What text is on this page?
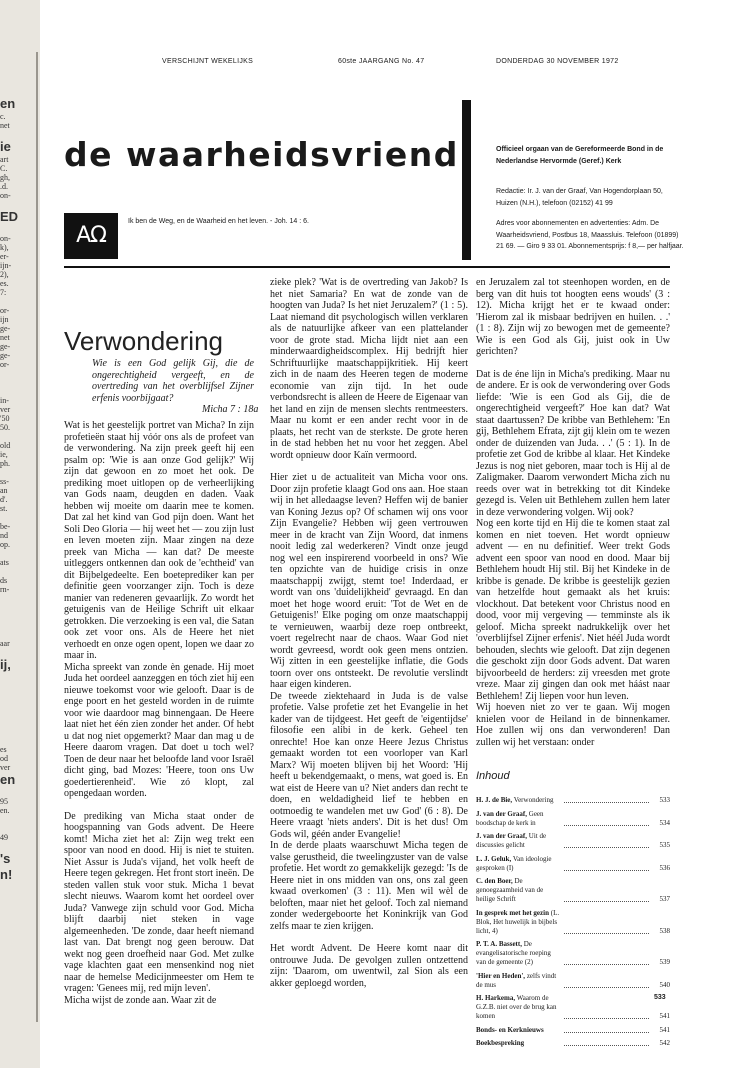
en
c.
net

ie
art
C.
gh,
.d.
on-

ED

on-
k),
er-
ijn-
2),
es.
7:

or-
ijn
ge-
net
ge-
ge-
or-

in-
ver
'50
50.

old
ie,
ph.

ss-
an
d'.
st.

be-
nd
op.

ats

ds
rn-

aar

ij,

es
od
ver
en

95
en.

49

's
n!
VERSCHIJNT WEKELIJKS	60ste JAARGANG No. 47	DONDERDAG 30 NOVEMBER 1972
de waarheidsvriend
AΩ
Ik ben de Weg, en de Waarheid en het leven. - Joh. 14 : 6.
Officieel orgaan van de Gereformeerde Bond in de Nederlandse Hervormde (Geref.) Kerk
Redactie: Ir. J. van der Graaf, Van Hogendorplaan 50, Huizen (N.H.), telefoon (02152) 41 99
Adres voor abonnementen en advertenties: Adm. De Waarheidsvriend, Postbus 18, Maassluis. Telefoon (01899) 21 69. — Giro 9 33 01. Abonnementsprijs: f 8,— per halfjaar.
Verwondering
Wie is een God gelijk Gij, die de ongerechtigheid vergeeft, en de overtreding van het overblijfsel Zijner erfenis voorbijgaat?
Micha 7 : 18a

Wat is het geestelijk portret van Micha? In zijn profetieën staat hij vóór ons als de profeet van de verwondering. Na zijn preek geeft hij een psalm op: 'Wie is aan onze God gelijk?' Wij zijn dat gewoon en zo moet het ook. De prediking moet uitlopen op de verheerlijking van Gods naam, deugden en daden. Vaak hebben wij moeite om daarin mee te komen. Dat zal het kind van God pijn doen. Want het Soli Deo Gloria — hij weet het — zou zijn lust en leven moeten zijn. Maar zingen na deze preek van Micha — kan dat? De meeste uitleggers ontkennen dan ook de 'echtheid' van dit Bijbelgedeelte. Een boeteprediker kan per definitie geen voorzanger zijn. Toch is deze manier van redeneren gevaarlijk. Zo wordt het getuigenis van de Heilige Schrift uit elkaar getrokken. Die verzoeking is een val, die Satan ook zet voor ons. Als de Heere het niet verhoedt en onze ogen opent, lopen we daar zo maar in.

Micha spreekt van zonde èn genade. Hij moet Juda het oordeel aanzeggen en tóch ziet hij een nieuwe toekomst voor wie gelooft. Daar is de enge poort en het gesteld worden in de ruimte voor wie daardoor mag binnengaan. De Heere laat niet het één zien zonder het ander. Of hebt u dat nog niet opgemerkt? Maar dan mag u de Heere daarom vragen. Dat doet u toch wel? Toen de deur naar het beloofde land voor Israël dicht ging, bad Mozes: 'Heere, toon ons Uw goedertierenheid'. Wie zó klopt, zal opengedaan worden.

De prediking van Micha staat onder de hoogspanning van Gods advent. De Heere komt! Micha ziet het al: Zijn weg trekt een spoor van nood en dood. Hij is niet te stuiten. Niet Assur is Juda's vijand, het volk heeft de Heere tegen gekregen. Het front stort ineën. De steden vallen stuk voor stuk. Micha 1 bevat slecht nieuws. Waarom komt het oordeel over Juda? Vanwege zijn schuld voor God. Micha blijft daarbij niet steken in vage algemeenheden. 'De zonde, daar heeft niemand last van. Dat brengt nog geen berouw. Dat wekt nog geen droefheid naar God. Met zulke vage klachten gaat een mensenkind nog niet naar de hemelse Medicijnmeester om Hem te vragen: 'Genees mij, red mijn leven'.

Micha wijst de zonde aan. Waar zit de

zieke plek? 'Wat is de overtreding van Jakob? Is het niet Samaria? En wat de zonde van de hoogten van Juda? Is het niet Jeruzalem?' (1 : 5). Laat niemand dit psychologisch willen verklaren als de natuurlijke afkeer van een plattelander voor de grote stad. Micha lijdt niet aan een minderwaardigheidscomplex. Hij bedrijft hier Schriftuurlijke maatschappijkritiek. Hij keert zich in de naam des Heeren tegen de moderne economie van zijn tijd. In het oude verbondsrecht is alleen de Heere de Eigenaar van het land en zijn de mensen slechts rentmeesters. Maar nu komt er een ander recht voor in de plaats, het recht van de sterkste. De grote heren in de stad hebben het nu voor het zeggen. Abel wordt opnieuw door Kaïn vermoord.

Hier ziet u de actualiteit van Micha voor ons. Door zijn profetie klaagt God ons aan. Hoe staan wij in het alledaagse leven? Heffen wij de banier van Koning Jezus op? Of schamen wij ons voor Zijn Evangelie? Hebben wij geen vertrouwen meer in de kracht van Zijn Woord, dat inmens nooit ledig zal wederkeren? Vindt onze jeugd nog wel een inspirerend voorbeeld in ons? Wie ten opzichte van de huidige crisis in onze maatschappij zwijgt, stemt toe! Inderdaad, er wordt van ons 'duidelijkheid' gevraagd. En dan moet het hoge woord eruit: 'Tot de Wet en de Getuigenis!' Elke poging om onze maatschappij te vernieuwen, waarbij deze roep ontbreekt, voert regelrecht naar de chaos. Waar God niet wordt gevreesd, wordt ook geen mens ontzien. Wij zitten in een geestelijke inflatie, die Gods toorn over ons ontsteekt. De revolutie verslindt haar eigen kinderen.

De tweede ziektehaard in Juda is de valse profetie. Valse profetie zet het Evangelie in het kader van de tijdgeest. Het geeft de 'eigentijdse' filosofie een alibi in de kerk. Geheel ten onrechte! Hoe kan onze Heere Jezus Christus gemaakt worden tot een voorloper van Karl Marx? Wij moeten blijven bij het Woord: 'Hij heeft u bekendgemaakt, o mens, wat goed is. En wat eist de Heere van u? Niet anders dan recht te doen, en weldadigheid lief te hebben en ootmoedig te wandelen met uw God' (6 : 8). De Heere vraagt 'niets anders'. Dit is het dus! Om Gods wil, géén ander Evangelie!

In de derde plaats waarschuwt Micha tegen de valse gerustheid, die tweelingzuster van de valse profetie. Het wordt zo gemakkelijk gezegd: 'Is de Heere niet in ons midden van ons, ons zal geen kwaad overkomen' (3 : 11). Men wil wèl de beloften, maar niet het geloof. Toch zal niemand zonder wedergeboorte het Koninkrijk van God zelfs maar te zien krijgen.

Het wordt Advent. De Heere komt naar dit ontrouwe Juda. De gevolgen zullen ontzettend zijn: 'Daarom, om uwentwil, zal Sion als een akker geploegd worden,

en Jeruzalem zal tot steenhopen worden, en de berg van dit huis tot hoogten eens wouds' (3 : 12). Micha krijgt het er te kwaad onder: 'Hierom zal ik misbaar bedrijven en huilen. . .' (1 : 8). Zijn wij zo bewogen met de gemeente? Wie is een God als Gij, juist ook in Uw gerichten?

Dat is de éne lijn in Micha's prediking. Maar nu de andere. Er is ook de verwondering over Gods liefde: 'Wie is een God als Gij, die de ongerechtigheid vergeeft?' Hoe kan dat? Wat staat daartussen? De kribbe van Bethlehem: 'En gij, Bethlehem Efrata, zijt gij klein om te wezen onder de duizenden van Juda. . .' (5 : 1). In de profetie zet God de kribbe al klaar. Het Kindeke Jezus is nog niet geboren, maar toch is Hij al de Zaligmaker. Daarom verwondert Micha zich nu reeds over wat in betrekking tot dit Kindeke gezegd is. Velen uit Bethlehem zullen hem later in deze verwondering volgen. Wij ook?

Nog een korte tijd en Hij die te komen staat zal komen en niet toeven. Het wordt opnieuw advent — en nu definitief. Weer trekt Gods advent een spoor van nood en dood. Maar bij Bethlehem houdt Hij stil. Bij het Kindeke in de kribbe is genade. De kribbe is geestelijk gezien van hetzelfde hout gemaakt als het kruis: vlockhout. Dat betekent voor Christus nood en dood, voor mij vergeving — temminste als ik geloof. Micha spreekt nadrukkelijk over het 'overblijfsel Zijner erfenis'. Niet héél Juda wordt behouden, slechts wie gelooft. Dat zijn degenen die geschokt zijn door Gods advent. Dat waren bijvoorbeeld de herders: zij vreesden met grote vreze. Maar zij gingen dan ook met háást naar Bethlehem! Zij liepen voor hun leven.

Wij hoeven niet zo ver te gaan. Wij mogen knielen voor de Heiland in de binnenkamer. Hoe zullen wij ons dan verwonderen! Dan zullen wij het verstaan: onder

Inhoud
H. J. de Bie, Verwondering	533
J. van der Graaf, Geen boodschap de kerk in	534
J. van der Graaf, Uit de discussies gelicht	535
L. J. Geluk, Van ideologie gesproken (I)	536
C. den Boer, De genoegzaamheid van de heilige Schrift	537
In gesprek met het gezin (L. Blok, Het huwelijk in bijbels licht, 4)	538
P. T. A. Bassett, De evangelisatorische roeping van de gemeente (2)	539
'Hier en Heden', zelfs vindt de mus	540
H. Harkema, Waarom de G.Z.B. niet over de brug kan komen	541
Bonds- en Kerknieuws	541
Boekbespreking	542
533
